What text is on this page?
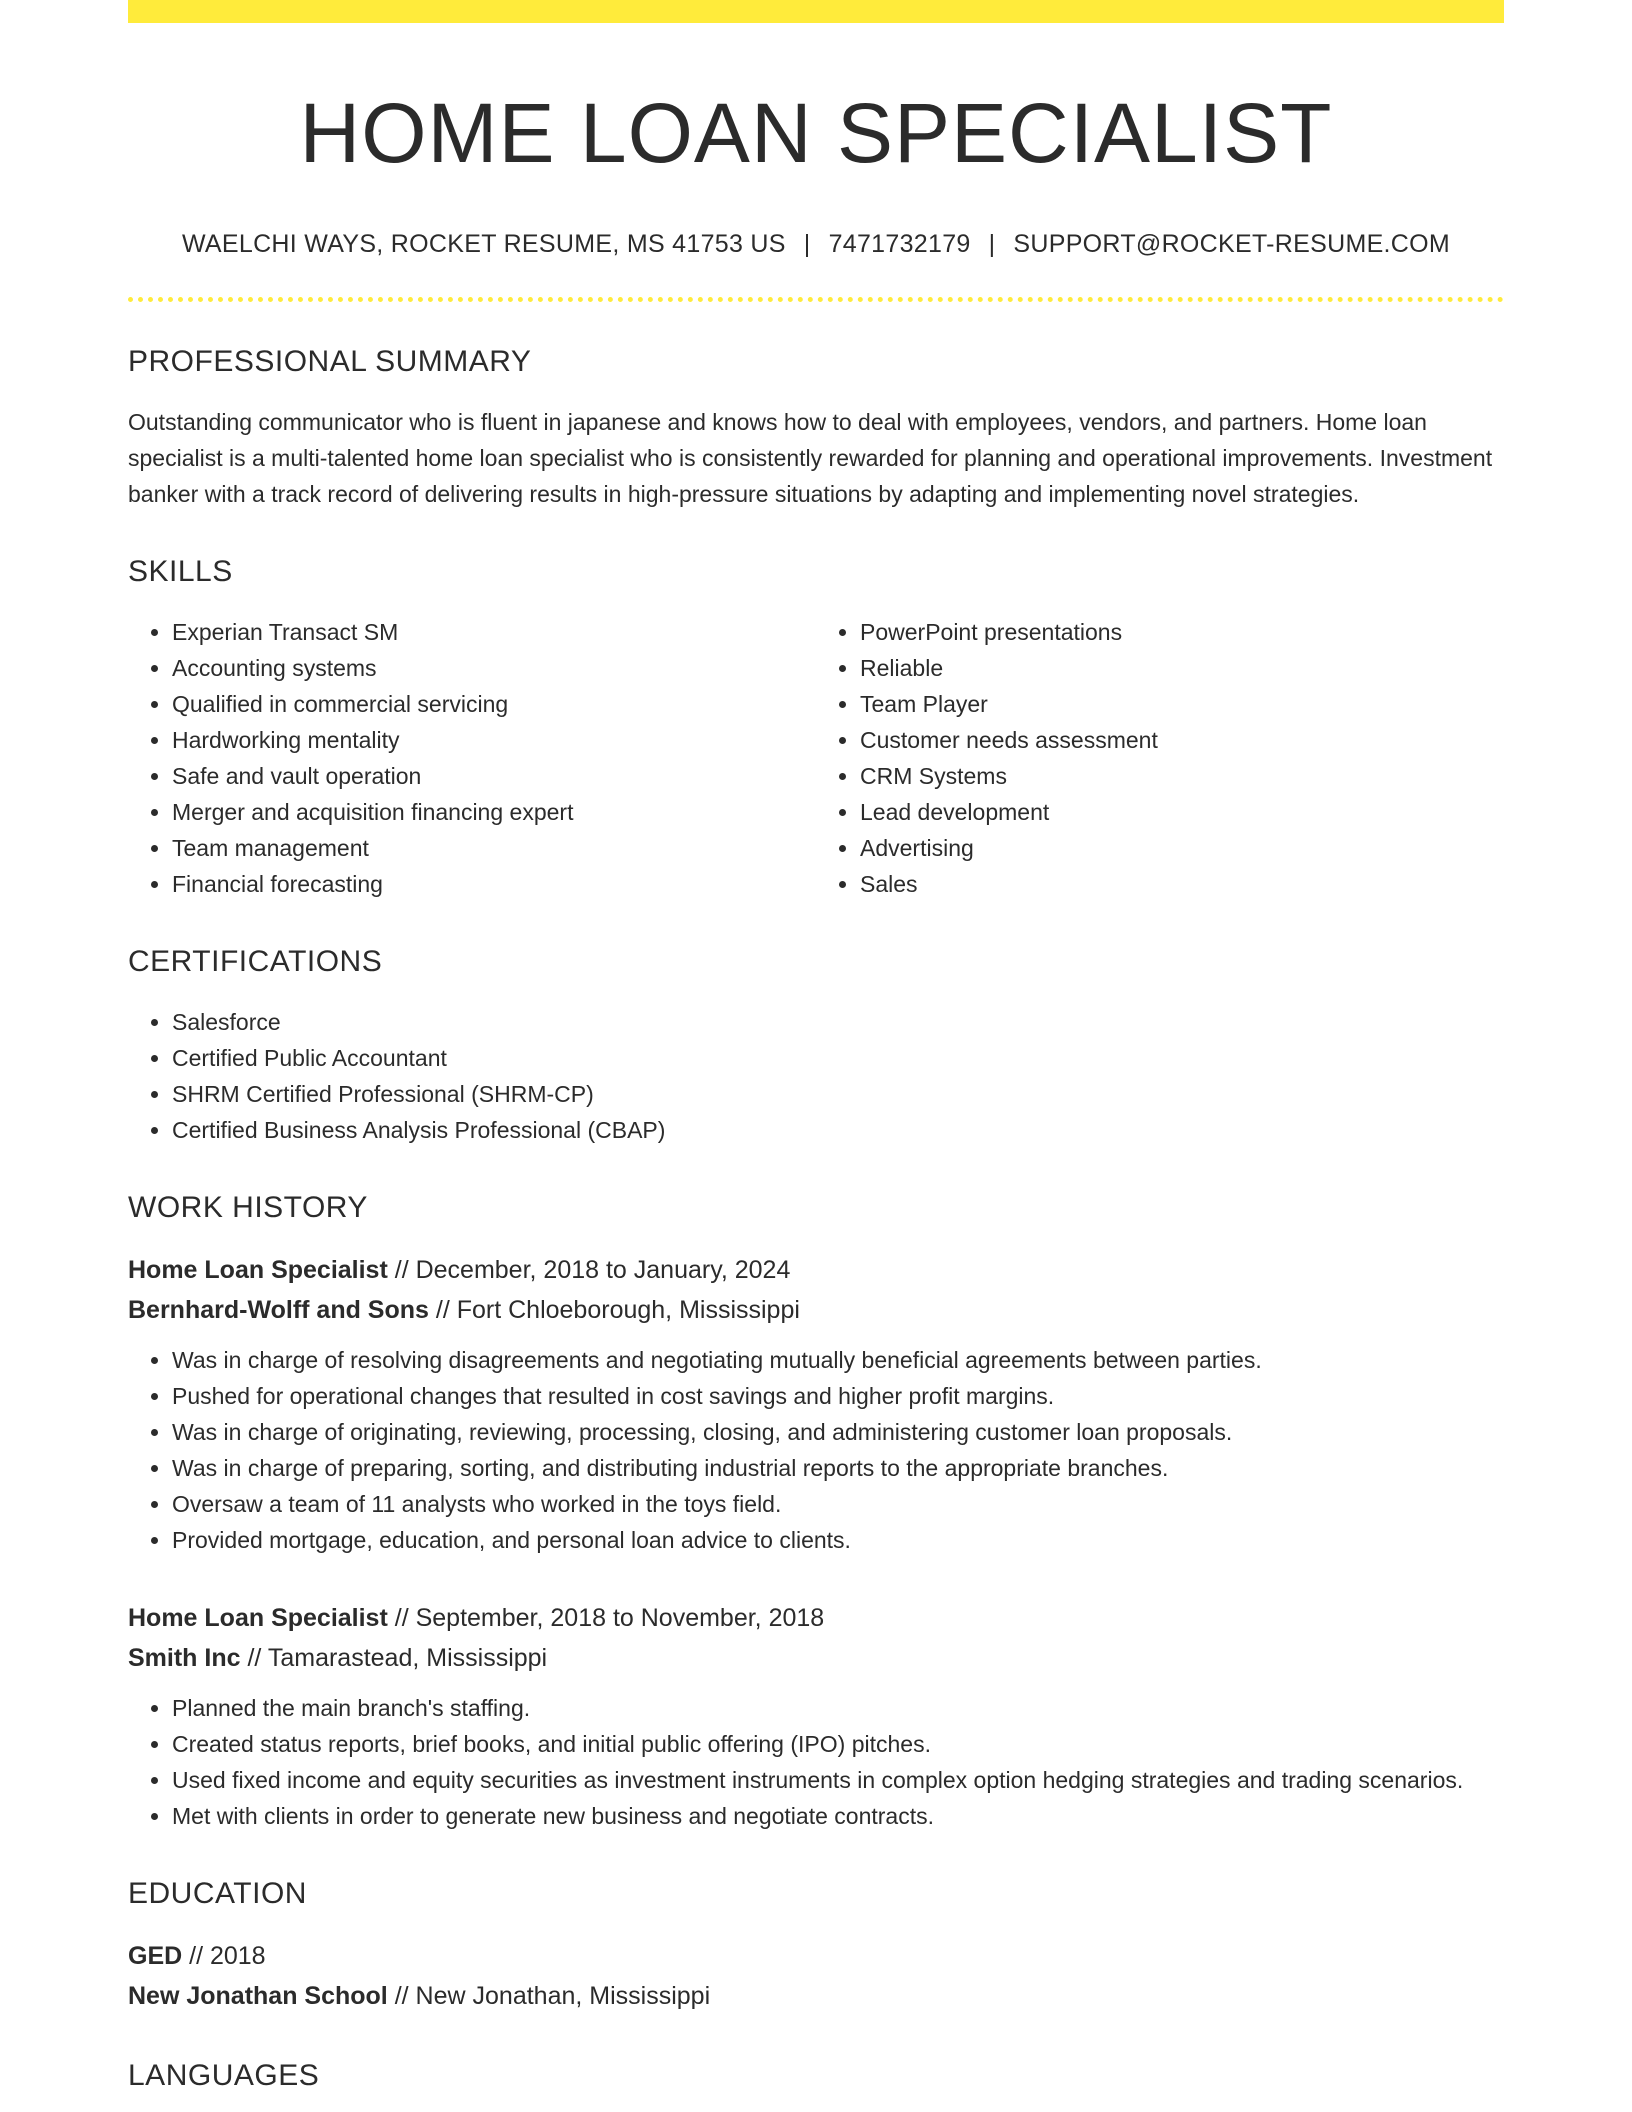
HOME LOAN SPECIALIST
WAELCHI WAYS, ROCKET RESUME, MS 41753 US | 7471732179 | SUPPORT@ROCKET-RESUME.COM
PROFESSIONAL SUMMARY
Outstanding communicator who is fluent in japanese and knows how to deal with employees, vendors, and partners. Home loan specialist is a multi-talented home loan specialist who is consistently rewarded for planning and operational improvements. Investment banker with a track record of delivering results in high-pressure situations by adapting and implementing novel strategies.
SKILLS
• Experian Transact SM
• Accounting systems
• Qualified in commercial servicing
• Hardworking mentality
• Safe and vault operation
• Merger and acquisition financing expert
• Team management
• Financial forecasting
• PowerPoint presentations
• Reliable
• Team Player
• Customer needs assessment
• CRM Systems
• Lead development
• Advertising
• Sales
CERTIFICATIONS
• Salesforce
• Certified Public Accountant
• SHRM Certified Professional (SHRM-CP)
• Certified Business Analysis Professional (CBAP)
WORK HISTORY
Home Loan Specialist // December, 2018 to January, 2024
Bernhard-Wolff and Sons // Fort Chloeborough, Mississippi
• Was in charge of resolving disagreements and negotiating mutually beneficial agreements between parties.
• Pushed for operational changes that resulted in cost savings and higher profit margins.
• Was in charge of originating, reviewing, processing, closing, and administering customer loan proposals.
• Was in charge of preparing, sorting, and distributing industrial reports to the appropriate branches.
• Oversaw a team of 11 analysts who worked in the toys field.
• Provided mortgage, education, and personal loan advice to clients.
Home Loan Specialist // September, 2018 to November, 2018
Smith Inc // Tamarastead, Mississippi
• Planned the main branch's staffing.
• Created status reports, brief books, and initial public offering (IPO) pitches.
• Used fixed income and equity securities as investment instruments in complex option hedging strategies and trading scenarios.
• Met with clients in order to generate new business and negotiate contracts.
EDUCATION
GED // 2018
New Jonathan School // New Jonathan, Mississippi
LANGUAGES
